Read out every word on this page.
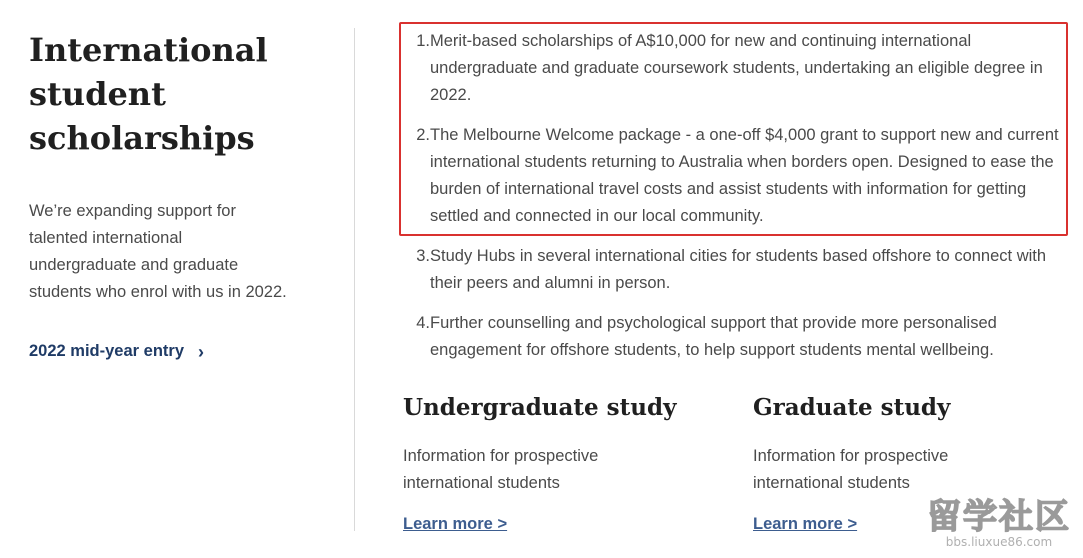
International
student
scholarships
We’re expanding support for
talented international
undergraduate and graduate
students who enrol with us in 2022.
2022 mid-year entry ›
1. Merit-based scholarships of A$10,000 for new and continuing international undergraduate and graduate coursework students, undertaking an eligible degree in 2022.
2. The Melbourne Welcome package - a one-off $4,000 grant to support new and current international students returning to Australia when borders open. Designed to ease the burden of international travel costs and assist students with information for getting settled and connected in our local community.
3. Study Hubs in several international cities for students based offshore to connect with their peers and alumni in person.
4. Further counselling and psychological support that provide more personalised engagement for offshore students, to help support students mental wellbeing.
Undergraduate study
Information for prospective
international students
Learn more >
Graduate study
Information for prospective
international students
Learn more >	留学社区
bbs.liuxue86.com
